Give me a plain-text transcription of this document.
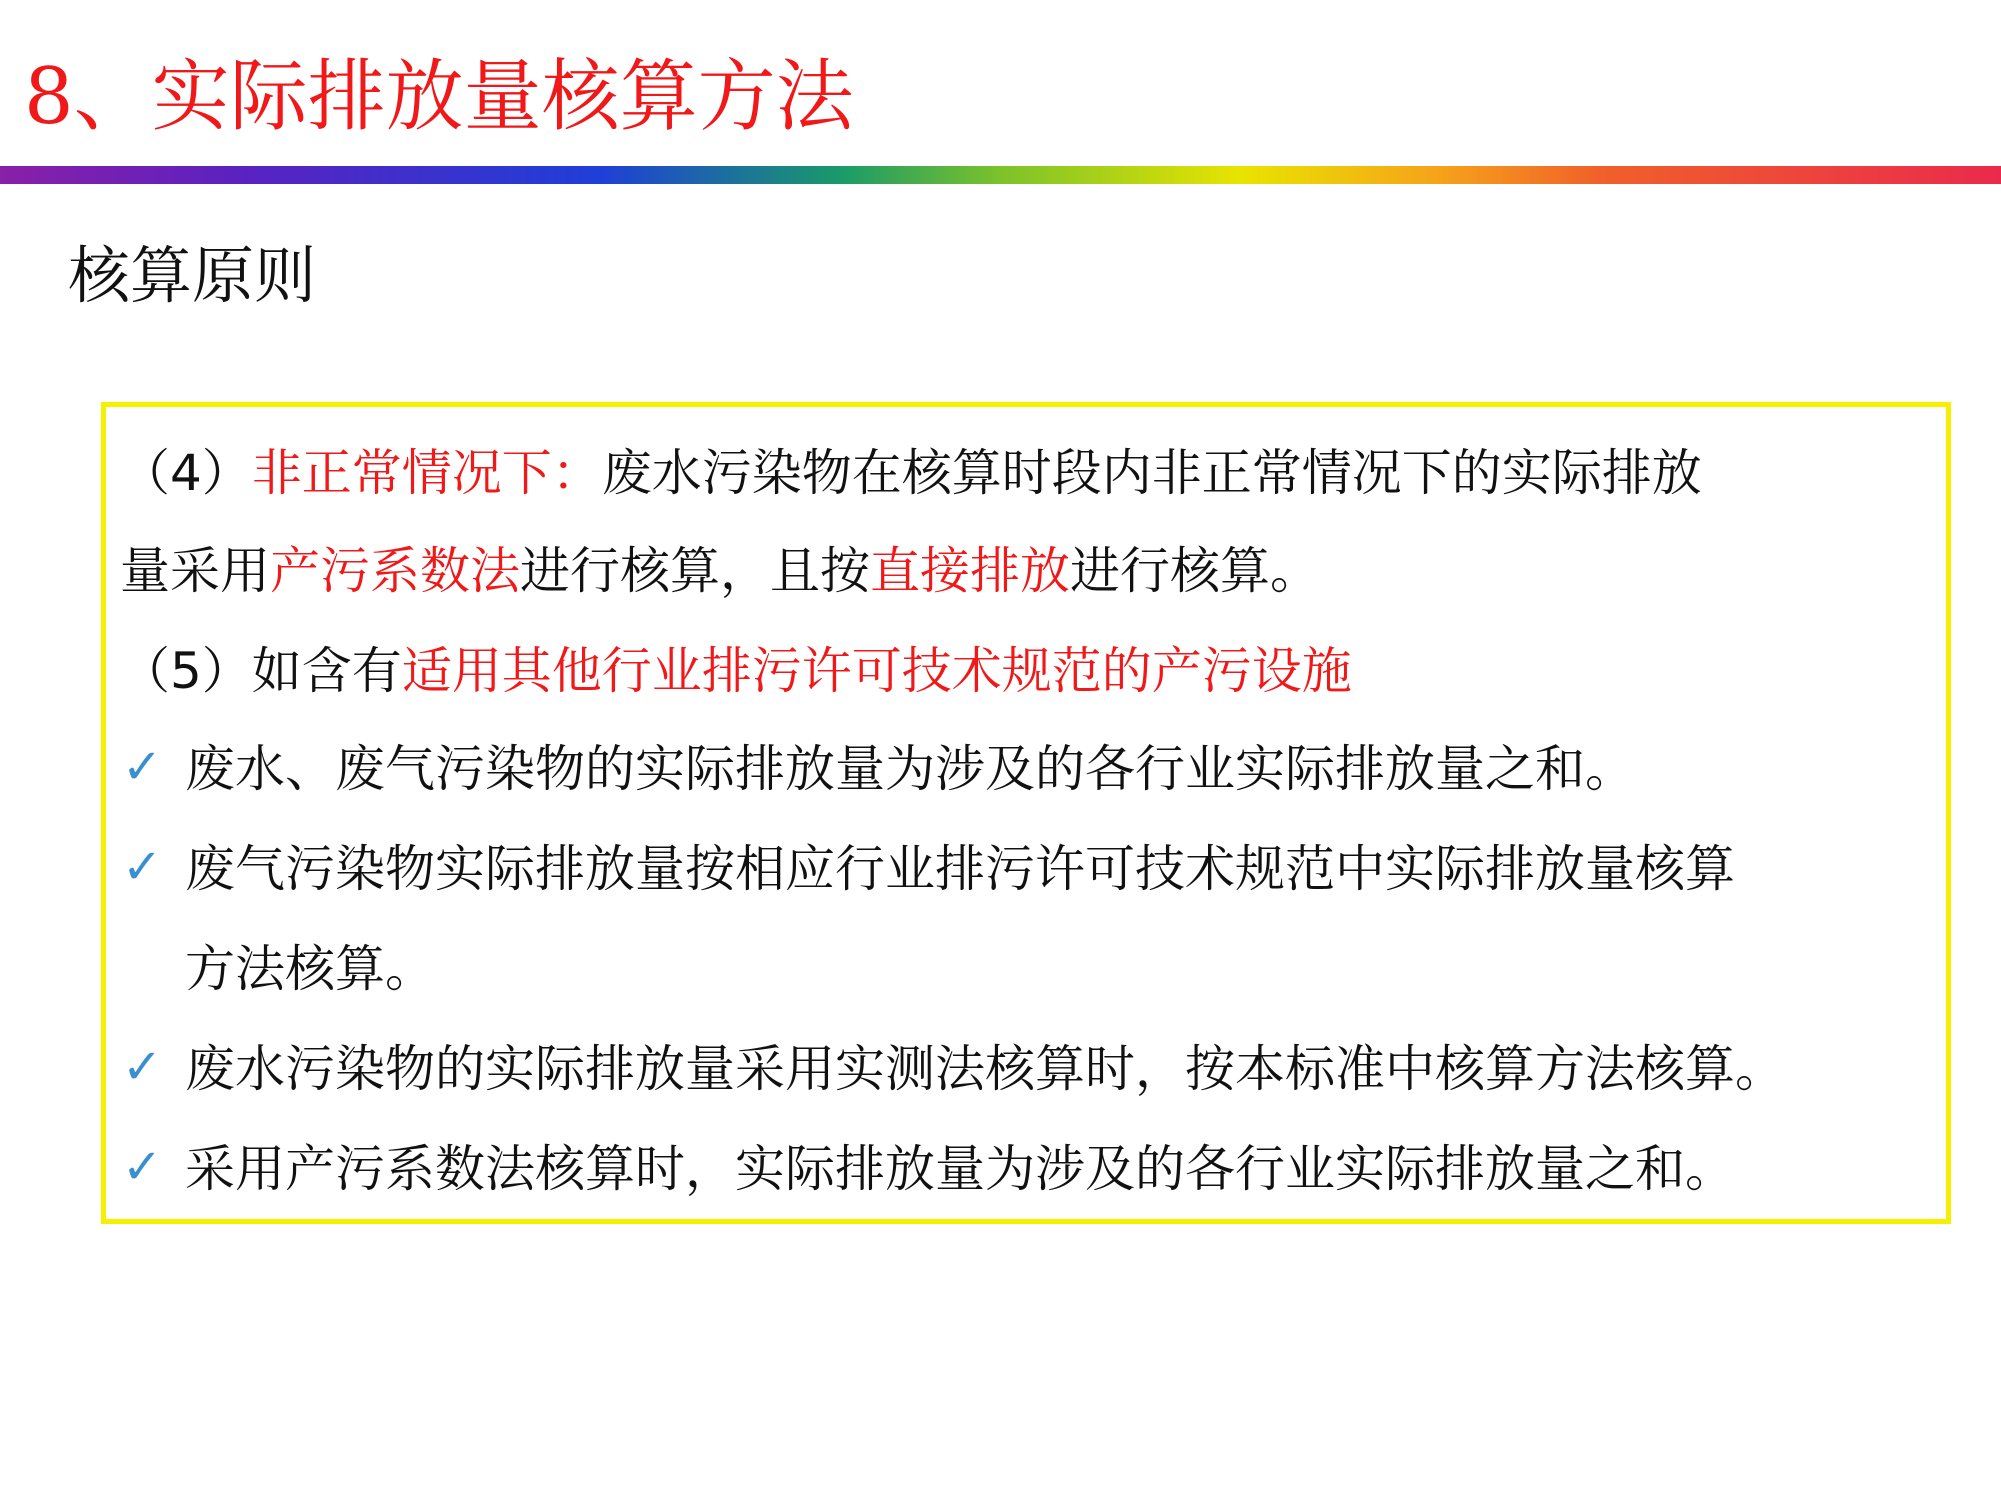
8、实际排放量核算方法
核算原则
（4）非正常情况下：废水污染物在核算时段内非正常情况下的实际排放
量采用产污系数法进行核算，且按直接排放进行核算。
（5）如含有适用其他行业排污许可技术规范的产污设施
✓ 废水、废气污染物的实际排放量为涉及的各行业实际排放量之和。
✓ 废气污染物实际排放量按相应行业排污许可技术规范中实际排放量核算
方法核算。
✓ 废水污染物的实际排放量采用实测法核算时，按本标准中核算方法核算。
✓ 采用产污系数法核算时，实际排放量为涉及的各行业实际排放量之和。
